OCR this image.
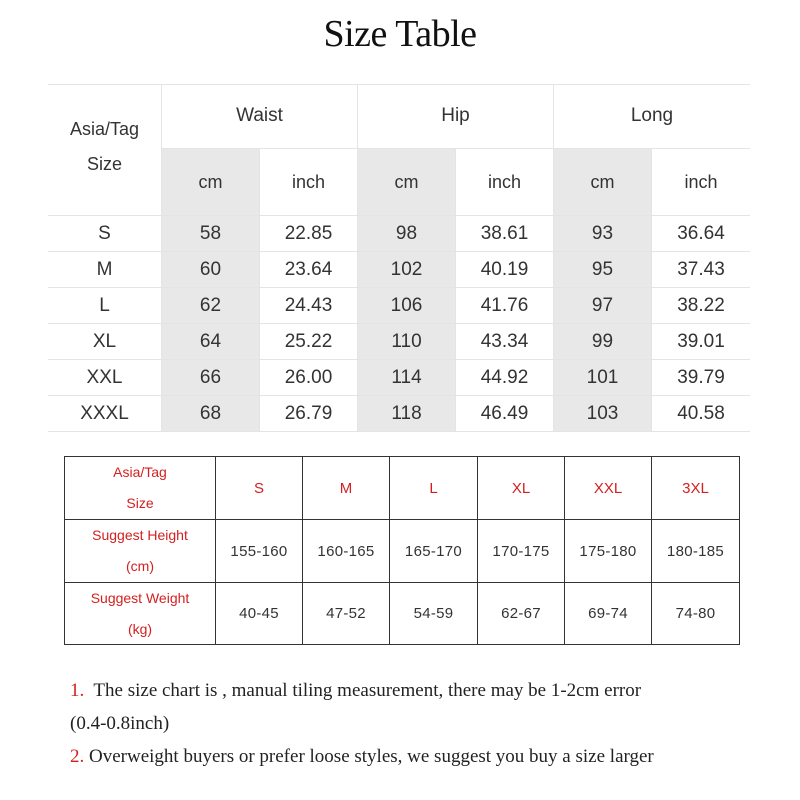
Size Table
Asia/Tag
Size
Waist	Hip	Long
cm	inch	cm	inch	cm	inch
S	58	22.85	98	38.61	93	36.64
M	60	23.64	102	40.19	95	37.43
L	62	24.43	106	41.76	97	38.22
XL	64	25.22	110	43.34	99	39.01
XXL	66	26.00	114	44.92	101	39.79
XXXL	68	26.79	118	46.49	103	40.58
Asia/Tag
Size
S	M	L	XL	XXL	3XL
Suggest Height
(cm)
155-160	160-165	165-170	170-175	175-180	180-185
Suggest Weight
(kg)
40-45	47-52	54-59	62-67	69-74	74-80
1. The size chart is , manual tiling measurement, there may be 1-2cm error
(0.4-0.8inch)
2. Overweight buyers or prefer loose styles, we suggest you buy a size larger
